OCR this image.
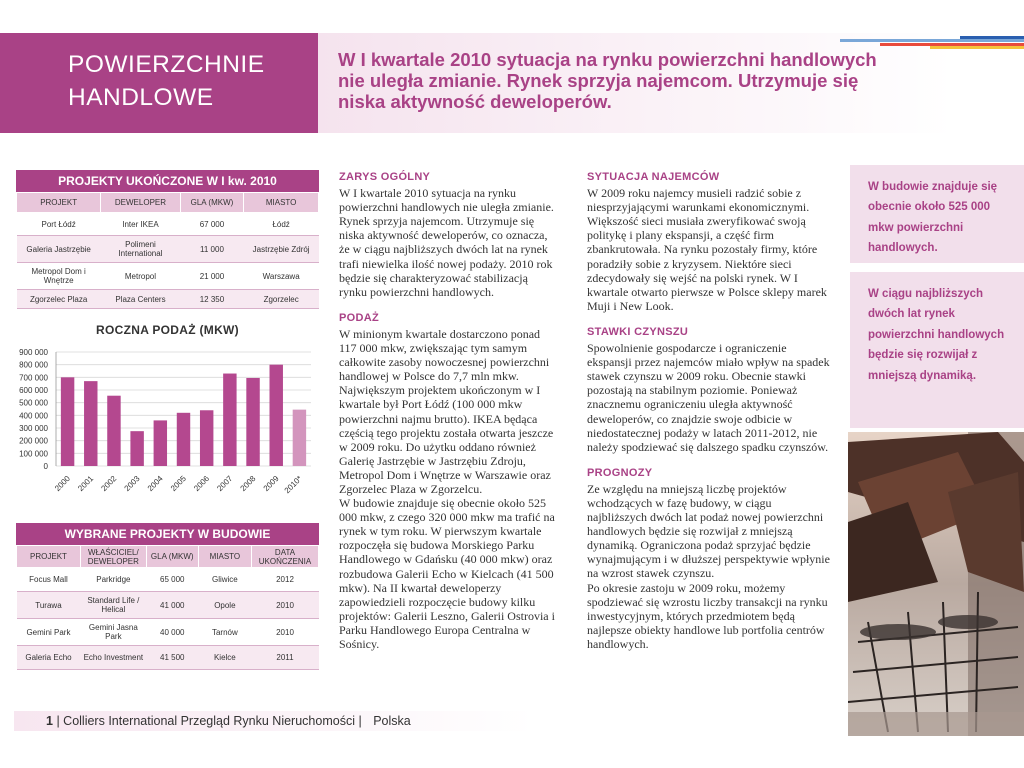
POWIERZCHNIE
HANDLOWE
W I kwartale 2010 sytuacja na rynku powierzchni handlowych nie uległa zmianie. Rynek sprzyja najemcom. Utrzymuje się niska aktywność deweloperów.
PROJEKTY UKOŃCZONE W I kw. 2010
PROJEKT	DEWELOPER	GLA (MKW)	MIASTO
Port Łódź	Inter IKEA	67 000	Łódź
Galeria Jastrzębie	Polimeni International	11 000	Jastrzębie Zdrój
Metropol Dom i Wnętrze	Metropol	21 000	Warszawa
Zgorzelec Plaza	Plaza Centers	12 350	Zgorzelec
ROCZNA PODAŻ (MKW)
900 000
800 000
700 000
600 000
500 000
400 000
300 000
200 000
100 000
0
2000 2001 2002 2003 2004 2005 2006 2007 2008 2009 2010*
WYBRANE PROJEKTY W BUDOWIE
PROJEKT	WŁAŚCICIEL/ DEWELOPER	GLA (MKW)	MIASTO	DATA UKOŃCZENIA
Focus Mall	Parkridge	65 000	Gliwice	2012
Turawa	Standard Life / Helical	41 000	Opole	2010
Gemini Park	Gemini Jasna Park	40 000	Tarnów	2010
Galeria Echo	Echo Investment	41 500	Kielce	2011
ZARYS OGÓLNY

W I kwartale 2010 sytuacja na rynku powierzchni handlowych nie uległa zmianie. Rynek sprzyja najemcom. Utrzymuje się niska aktywność deweloperów, co oznacza, że w ciągu najbliższych dwóch lat na rynek trafi niewielka ilość nowej podaży. 2010 rok będzie się charakteryzować stabilizacją rynku powierzchni handlowych.

PODAŻ

W minionym kwartale dostarczono ponad 117 000 mkw, zwiększając tym samym całkowite zasoby nowoczesnej powierzchni handlowej w Polsce do 7,7 mln mkw. Największym projektem ukończonym w I kwartale był Port Łódź (100 000 mkw powierzchni najmu brutto). IKEA będąca częścią tego projektu została otwarta jeszcze w 2009 roku. Do użytku oddano również Galerię Jastrzębie w Jastrzębiu Zdroju, Metropol Dom i Wnętrze w Warszawie oraz Zgorzelec Plaza w Zgorzelcu.

W budowie znajduje się obecnie około 525 000 mkw, z czego 320 000 mkw ma trafić na rynek w tym roku. W pierwszym kwartale rozpoczęła się budowa Morskiego Parku Handlowego w Gdańsku (40 000 mkw) oraz rozbudowa Galerii Echo w Kielcach (41 500 mkw). Na II kwartał deweloperzy zapowiedzieli rozpoczęcie budowy kilku projektów: Galerii Leszno, Galerii Ostrovia i Parku Handlowego Europa Centralna w Sośnicy.

SYTUACJA NAJEMCÓW

W 2009 roku najemcy musieli radzić sobie z niesprzyjającymi warunkami ekonomicznymi. Większość sieci musiała zweryfikować swoją politykę i plany ekspansji, a część firm zbankrutowała. Na rynku pozostały firmy, które poradziły sobie z kryzysem. Niektóre sieci zdecydowały się wejść na polski rynek. W I kwartale otwarto pierwsze w Polsce sklepy marek Muji i New Look.

STAWKI CZYNSZU

Spowolnienie gospodarcze i ograniczenie ekspansji przez najemców miało wpływ na spadek stawek czynszu w 2009 roku. Obecnie stawki pozostają na stabilnym poziomie. Ponieważ znacznemu ograniczeniu uległa aktywność deweloperów, co znajdzie swoje odbicie w niedostatecznej podaży w latach 2011-2012, nie należy spodziewać się dalszego spadku czynszów.

PROGNOZY

Ze względu na mniejszą liczbę projektów wchodzących w fazę budowy, w ciągu najbliższych dwóch lat podaż nowej powierzchni handlowych będzie się rozwijał z mniejszą dynamiką. Ograniczona podaż sprzyjać będzie wynajmującym i w dłuższej perspektywie wpłynie na wzrost stawek czynszu.

Po okresie zastoju w 2009 roku, możemy spodziewać się wzrostu liczby transakcji na rynku inwestycyjnym, których przedmiotem będą najlepsze obiekty handlowe lub portfolia centrów handlowych.

W budowie znajduje się obecnie około 525 000 mkw powierzchni handlowych.
W ciągu najbliższych dwóch lat rynek powierzchni handlowych będzie się rozwijał z mniejszą dynamiką.
1 | Colliers International Przegląd Rynku Nieruchomości | Polska
